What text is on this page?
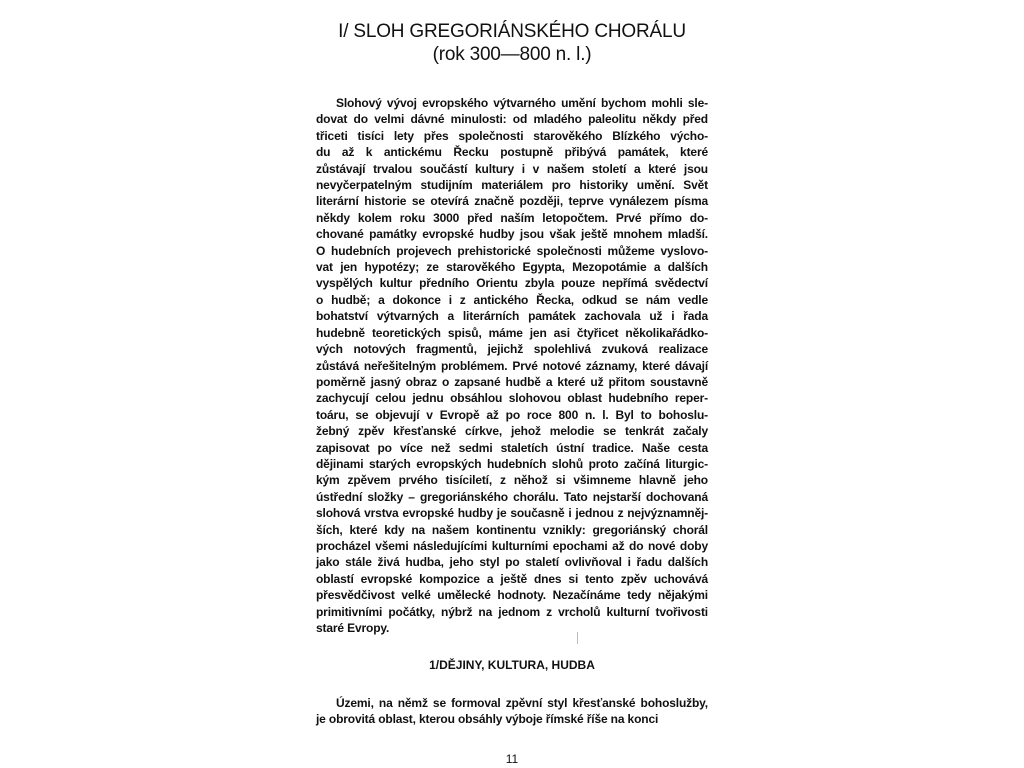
I/ SLOH GREGORIÁNSKÉHO CHORÁLU
(rok 300—800 n. l.)
Slohový vývoj evropského výtvarného umění bychom mohli sle-
dovat do velmi dávné minulosti: od mladého paleolitu někdy před
třiceti tisíci lety přes společnosti starověkého Blízkého výcho-
du až k antickému Řecku postupně přibývá památek, které
zůstávají trvalou součástí kultury i v našem století a které jsou
nevyčerpatelným studijním materiálem pro historiky umění. Svět
literární historie se otevírá značně později, teprve vynálezem písma
někdy kolem roku 3000 před naším letopočtem. Prvé přímo do-
chované památky evropské hudby jsou však ještě mnohem mladší.
O hudebních projevech prehistorické společnosti můžeme vyslovo-
vat jen hypotézy; ze starověkého Egypta, Mezopotámie a dalších
vyspělých kultur předního Orientu zbyla pouze nepřímá svědectví
o hudbě; a dokonce i z antického Řecka, odkud se nám vedle
bohatství výtvarných a literárních památek zachovala už i řada
hudebně teoretických spisů, máme jen asi čtyřicet několikařádko-
vých notových fragmentů, jejichž spolehlivá zvuková realizace
zůstává neřešitelným problémem. Prvé notové záznamy, které dávají
poměrně jasný obraz o zapsané hudbě a které už přitom soustavně
zachycují celou jednu obsáhlou slohovou oblast hudebního reper-
toáru, se objevují v Evropě až po roce 800 n. l. Byl to bohoslu-
žebný zpěv křesťanské církve, jehož melodie se tenkrát začaly
zapisovat po více než sedmi staletích ústní tradice. Naše cesta
dějinami starých evropských hudebních slohů proto začíná liturgic-
kým zpěvem prvého tisíciletí, z něhož si všimneme hlavně jeho
ústřední složky – gregoriánského chorálu. Tato nejstarší dochovaná
slohová vrstva evropské hudby je současně i jednou z nejvýznamněj-
ších, které kdy na našem kontinentu vznikly: gregoriánský chorál
procházel všemi následujícími kulturními epochami až do nové doby
jako stále živá hudba, jeho styl po staletí ovlivňoval i řadu dalších
oblastí evropské kompozice a ještě dnes si tento zpěv uchovává
přesvědčivost velké umělecké hodnoty. Nezačínáme tedy nějakými
primitivními počátky, nýbrž na jednom z vrcholů kulturní tvořivosti
staré Evropy.
1/DĚJINY, KULTURA, HUDBA
Územi, na němž se formoval zpěvní styl křesťanské bohoslužby,
je obrovitá oblast, kterou obsáhly výboje římské říše na konci
11
